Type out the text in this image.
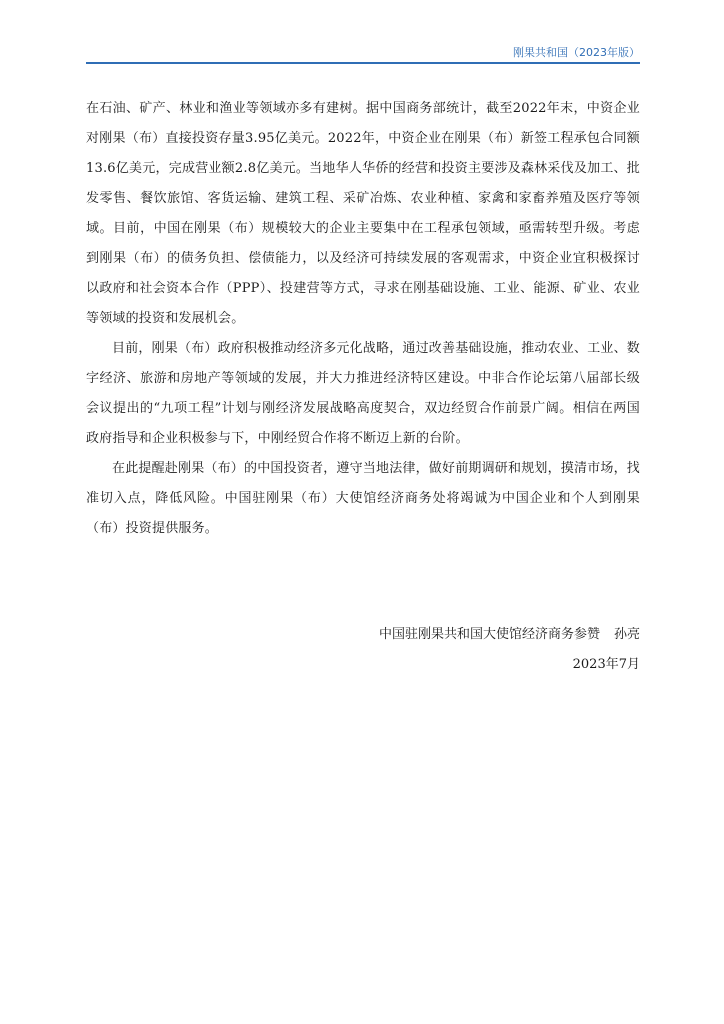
刚果共和国（2023年版）

在石油、矿产、林业和渔业等领域亦多有建树。据中国商务部统计，截至2022年末，中资企业对刚果（布）直接投资存量3.95亿美元。2022年，中资企业在刚果（布）新签工程承包合同额13.6亿美元，完成营业额2.8亿美元。当地华人华侨的经营和投资主要涉及森林采伐及加工、批发零售、餐饮旅馆、客货运输、建筑工程、采矿冶炼、农业种植、家禽和家畜养殖及医疗等领域。目前，中国在刚果（布）规模较大的企业主要集中在工程承包领域，亟需转型升级。考虑到刚果（布）的债务负担、偿债能力，以及经济可持续发展的客观需求，中资企业宜积极探讨以政府和社会资本合作（PPP）、投建营等方式，寻求在刚基础设施、工业、能源、矿业、农业等领域的投资和发展机会。

目前，刚果（布）政府积极推动经济多元化战略，通过改善基础设施，推动农业、工业、数字经济、旅游和房地产等领域的发展，并大力推进经济特区建设。中非合作论坛第八届部长级会议提出的“九项工程”计划与刚经济发展战略高度契合，双边经贸合作前景广阔。相信在两国政府指导和企业积极参与下，中刚经贸合作将不断迈上新的台阶。

在此提醒赴刚果（布）的中国投资者，遵守当地法律，做好前期调研和规划，摸清市场，找准切入点，降低风险。中国驻刚果（布）大使馆经济商务处将竭诚为中国企业和个人到刚果（布）投资提供服务。

中国驻刚果共和国大使馆经济商务参赞 孙亮
2023年7月
